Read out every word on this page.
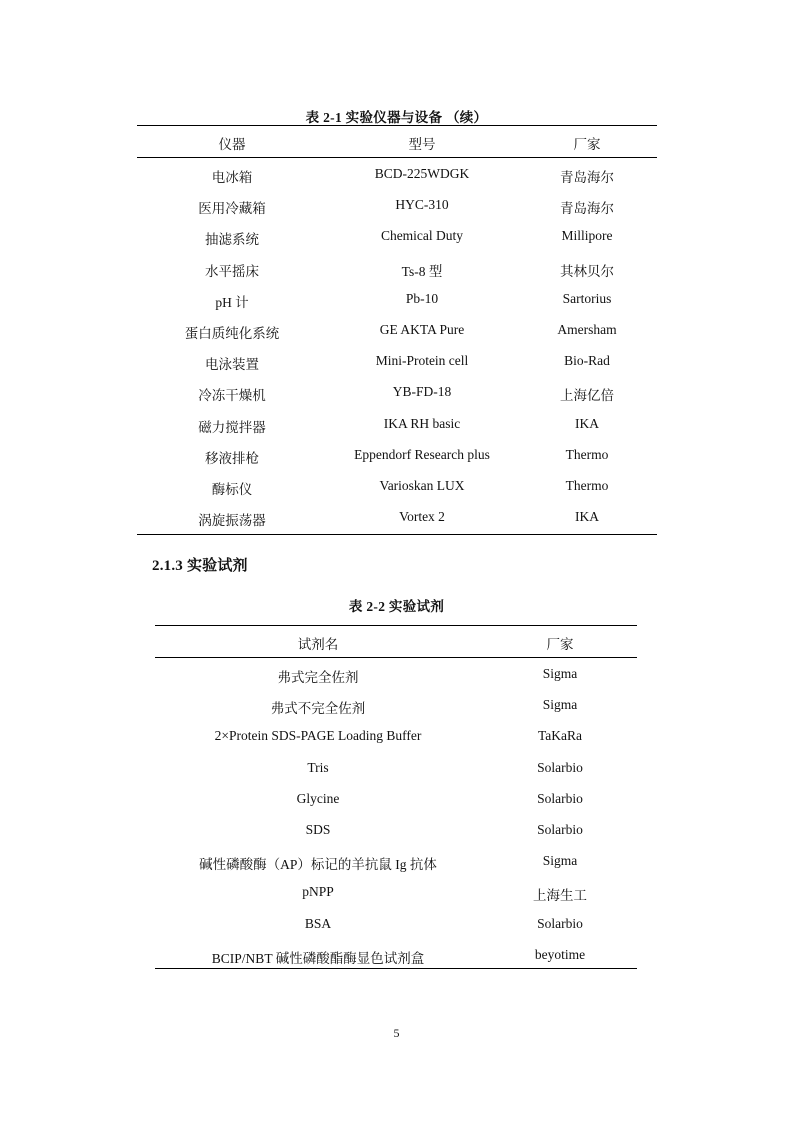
表 2-1 实验仪器与设备 （续）
仪器	型号	厂家
电冰箱	BCD-225WDGK	青岛海尔
医用冷藏箱	HYC-310	青岛海尔
抽滤系统	Chemical Duty	Millipore
水平摇床	Ts-8 型	其林贝尔
pH 计	Pb-10	Sartorius
蛋白质纯化系统	GE AKTA Pure	Amersham
电泳装置	Mini-Protein cell	Bio-Rad
冷冻干燥机	YB-FD-18	上海亿倍
磁力搅拌器	IKA RH basic	IKA
移液排枪	Eppendorf Research plus	Thermo
酶标仪	Varioskan LUX	Thermo
涡旋振荡器	Vortex 2	IKA
2.1.3 实验试剂
表 2-2 实验试剂
试剂名	厂家
弗式完全佐剂	Sigma
弗式不完全佐剂	Sigma
2×Protein SDS-PAGE Loading Buffer	TaKaRa
Tris	Solarbio
Glycine	Solarbio
SDS	Solarbio
碱性磷酸酶（AP）标记的羊抗鼠 Ig 抗体	Sigma
pNPP	上海生工
BSA	Solarbio
BCIP/NBT 碱性磷酸酯酶显色试剂盒	beyotime
5
